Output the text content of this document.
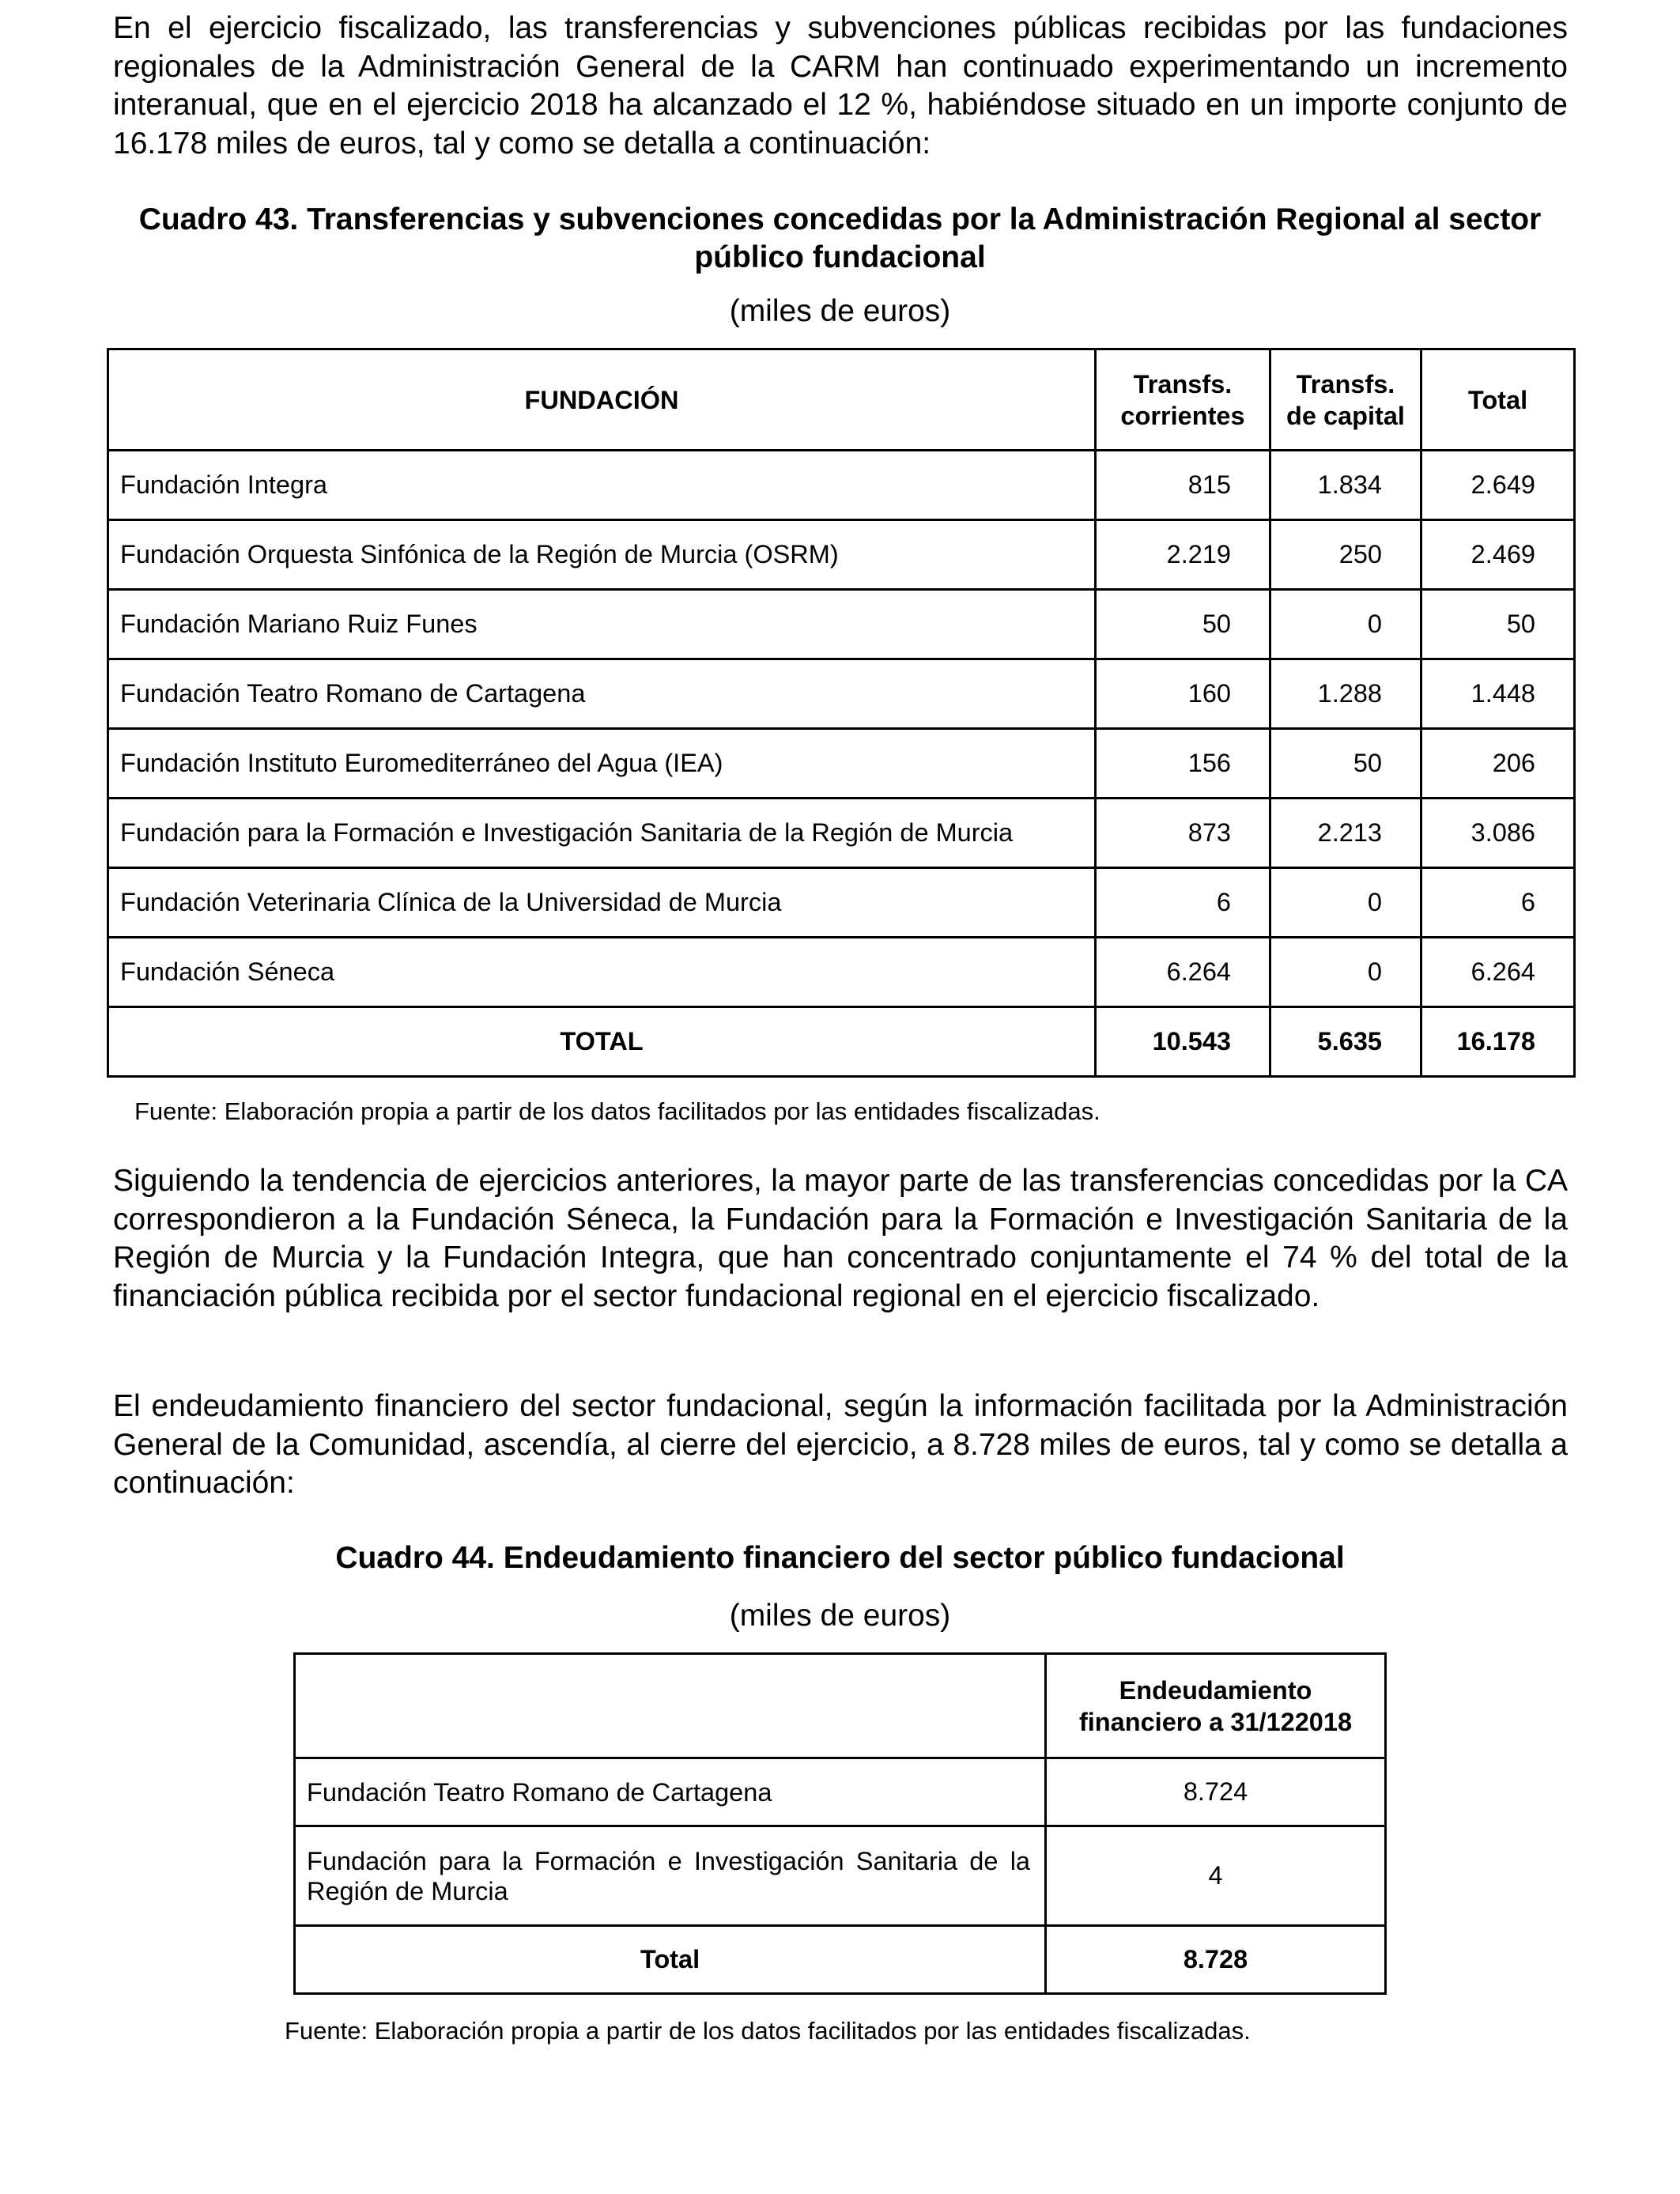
En el ejercicio fiscalizado, las transferencias y subvenciones públicas recibidas por las fundaciones regionales de la Administración General de la CARM han continuado experimentando un incremento interanual, que en el ejercicio 2018 ha alcanzado el 12 %, habiéndose situado en un importe conjunto de 16.178 miles de euros, tal y como se detalla a continuación:

Cuadro 43. Transferencias y subvenciones concedidas por la Administración Regional al sector público fundacional

(miles de euros)

FUNDACIÓN	Transfs. corrientes	Transfs. de capital	Total
Fundación Integra	815	1.834	2.649
Fundación Orquesta Sinfónica de la Región de Murcia (OSRM)	2.219	250	2.469
Fundación Mariano Ruiz Funes	50	0	50
Fundación Teatro Romano de Cartagena	160	1.288	1.448
Fundación Instituto Euromediterráneo del Agua (IEA)	156	50	206
Fundación para la Formación e Investigación Sanitaria de la Región de Murcia	873	2.213	3.086
Fundación Veterinaria Clínica de la Universidad de Murcia	6	0	6
Fundación Séneca	6.264	0	6.264
TOTAL	10.543	5.635	16.178

Fuente: Elaboración propia a partir de los datos facilitados por las entidades fiscalizadas.

Siguiendo la tendencia de ejercicios anteriores, la mayor parte de las transferencias concedidas por la CA correspondieron a la Fundación Séneca, la Fundación para la Formación e Investigación Sanitaria de la Región de Murcia y la Fundación Integra, que han concentrado conjuntamente el 74 % del total de la financiación pública recibida por el sector fundacional regional en el ejercicio fiscalizado.

El endeudamiento financiero del sector fundacional, según la información facilitada por la Administración General de la Comunidad, ascendía, al cierre del ejercicio, a 8.728 miles de euros, tal y como se detalla a continuación:

Cuadro 44. Endeudamiento financiero del sector público fundacional

(miles de euros)

	Endeudamiento financiero a 31/122018
Fundación Teatro Romano de Cartagena	8.724
Fundación para la Formación e Investigación Sanitaria de la Región de Murcia	4
Total	8.728

Fuente: Elaboración propia a partir de los datos facilitados por las entidades fiscalizadas.
